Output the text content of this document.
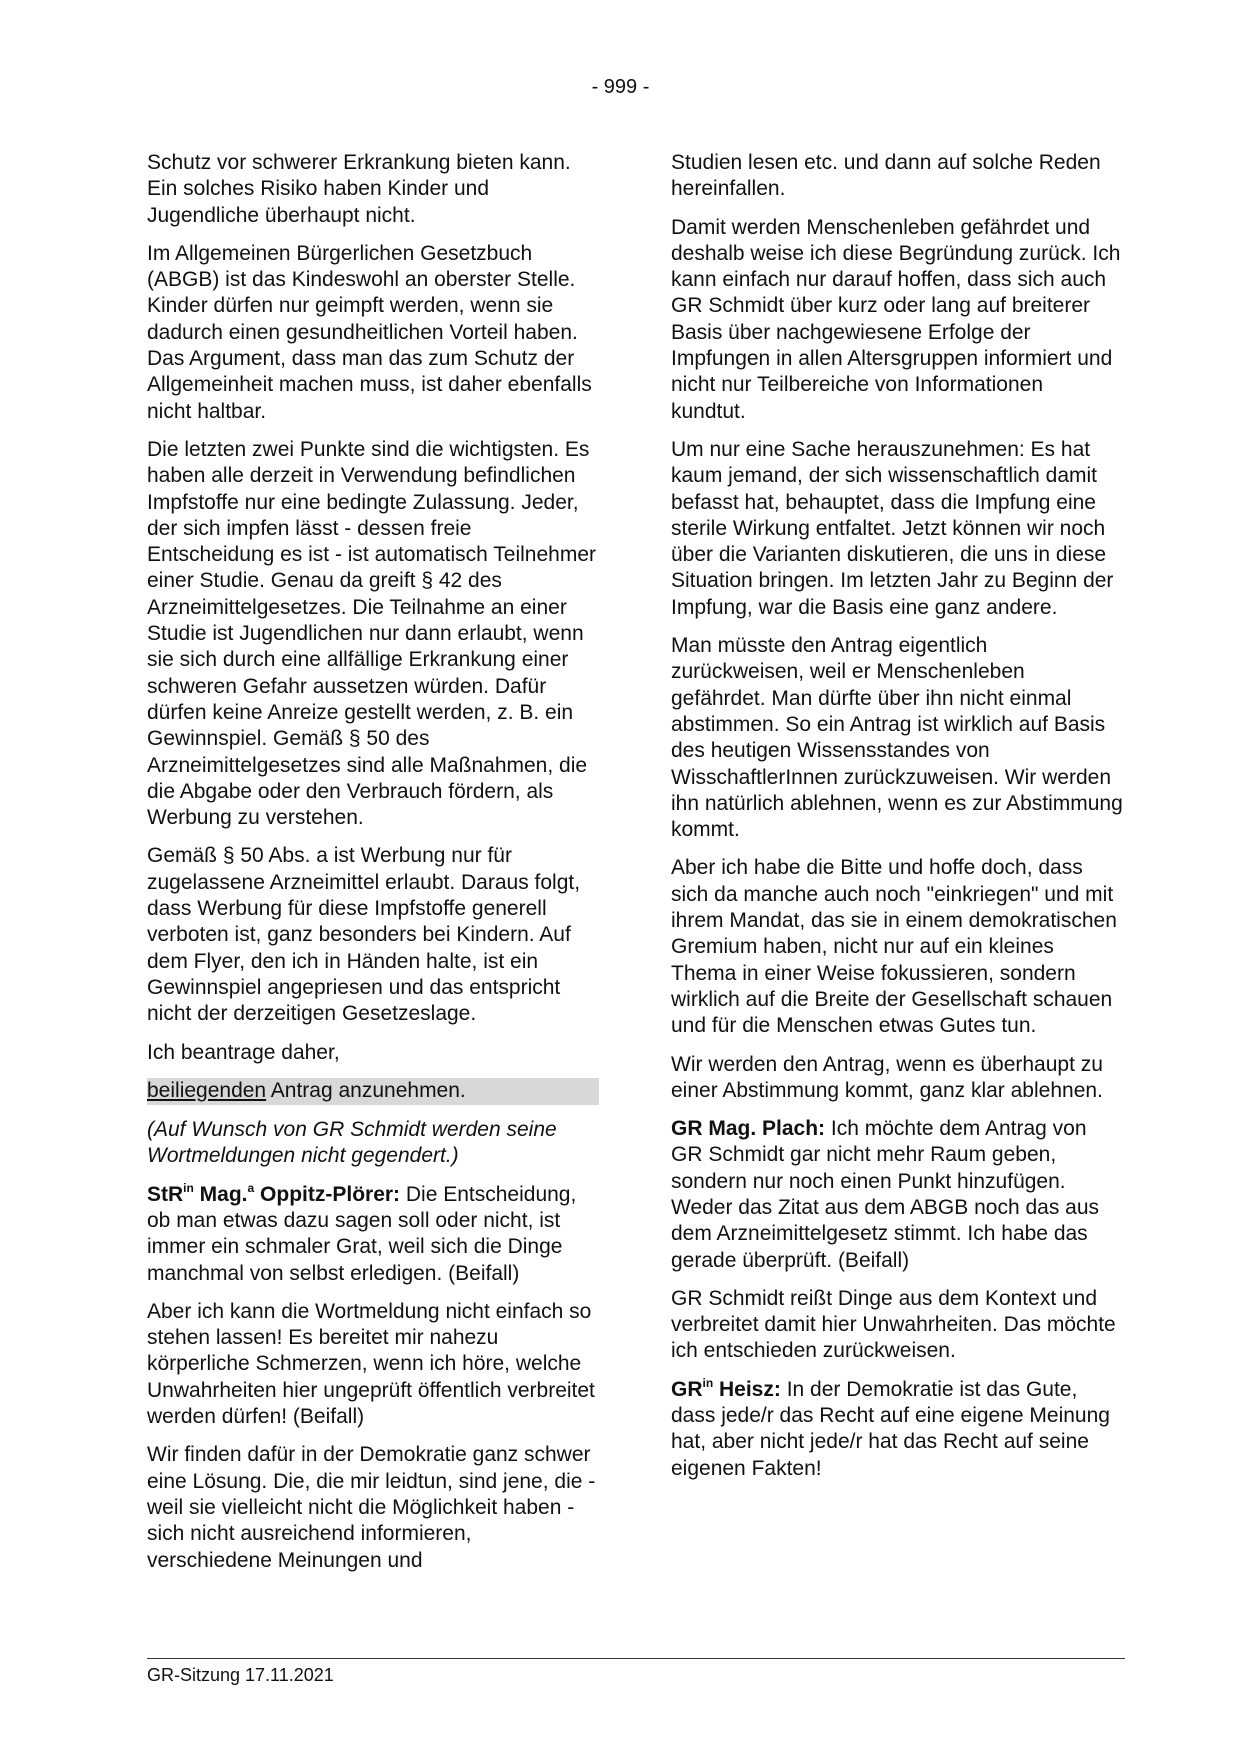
- 999 -

Schutz vor schwerer Erkrankung bieten kann. Ein solches Risiko haben Kinder und Jugendliche überhaupt nicht.

Im Allgemeinen Bürgerlichen Gesetzbuch (ABGB) ist das Kindeswohl an oberster Stelle. Kinder dürfen nur geimpft werden, wenn sie dadurch einen gesundheitlichen Vorteil haben. Das Argument, dass man das zum Schutz der Allgemeinheit machen muss, ist daher ebenfalls nicht haltbar.

Die letzten zwei Punkte sind die wichtigsten. Es haben alle derzeit in Verwendung befindlichen Impfstoffe nur eine bedingte Zulassung. Jeder, der sich impfen lässt - dessen freie Entscheidung es ist - ist automatisch Teilnehmer einer Studie. Genau da greift § 42 des Arzneimittelgesetzes. Die Teilnahme an einer Studie ist Jugendlichen nur dann erlaubt, wenn sie sich durch eine allfällige Erkrankung einer schweren Gefahr aussetzen würden. Dafür dürfen keine Anreize gestellt werden, z. B. ein Gewinnspiel. Gemäß § 50 des Arzneimittelgesetzes sind alle Maßnahmen, die die Abgabe oder den Verbrauch fördern, als Werbung zu verstehen.

Gemäß § 50 Abs. a ist Werbung nur für zugelassene Arzneimittel erlaubt. Daraus folgt, dass Werbung für diese Impfstoffe generell verboten ist, ganz besonders bei Kindern. Auf dem Flyer, den ich in Händen halte, ist ein Gewinnspiel angepriesen und das entspricht nicht der derzeitigen Gesetzeslage.

Ich beantrage daher,

beiliegenden Antrag anzunehmen.

(Auf Wunsch von GR Schmidt werden seine Wortmeldungen nicht gegendert.)

StR$^{in}$ Mag.$^a$ Oppitz-Plörer: Die Entscheidung, ob man etwas dazu sagen soll oder nicht, ist immer ein schmaler Grat, weil sich die Dinge manchmal von selbst erledigen. (Beifall)

Aber ich kann die Wortmeldung nicht einfach so stehen lassen! Es bereitet mir nahezu körperliche Schmerzen, wenn ich höre, welche Unwahrheiten hier ungeprüft öffentlich verbreitet werden dürfen! (Beifall)

Wir finden dafür in der Demokratie ganz schwer eine Lösung. Die, die mir leidtun, sind jene, die - weil sie vielleicht nicht die Möglichkeit haben - sich nicht ausreichend informieren, verschiedene Meinungen und

Studien lesen etc. und dann auf solche Reden hereinfallen.

Damit werden Menschenleben gefährdet und deshalb weise ich diese Begründung zurück. Ich kann einfach nur darauf hoffen, dass sich auch GR Schmidt über kurz oder lang auf breiterer Basis über nachgewiesene Erfolge der Impfungen in allen Altersgruppen informiert und nicht nur Teilbereiche von Informationen kundtut.

Um nur eine Sache herauszunehmen: Es hat kaum jemand, der sich wissenschaftlich damit befasst hat, behauptet, dass die Impfung eine sterile Wirkung entfaltet. Jetzt können wir noch über die Varianten diskutieren, die uns in diese Situation bringen. Im letzten Jahr zu Beginn der Impfung, war die Basis eine ganz andere.

Man müsste den Antrag eigentlich zurückweisen, weil er Menschenleben gefährdet. Man dürfte über ihn nicht einmal abstimmen. So ein Antrag ist wirklich auf Basis des heutigen Wissensstandes von WisschaftlerInnen zurückzuweisen. Wir werden ihn natürlich ablehnen, wenn es zur Abstimmung kommt.

Aber ich habe die Bitte und hoffe doch, dass sich da manche auch noch "einkriegen" und mit ihrem Mandat, das sie in einem demokratischen Gremium haben, nicht nur auf ein kleines Thema in einer Weise fokussieren, sondern wirklich auf die Breite der Gesellschaft schauen und für die Menschen etwas Gutes tun.

Wir werden den Antrag, wenn es überhaupt zu einer Abstimmung kommt, ganz klar ablehnen.

GR Mag. Plach: Ich möchte dem Antrag von GR Schmidt gar nicht mehr Raum geben, sondern nur noch einen Punkt hinzufügen. Weder das Zitat aus dem ABGB noch das aus dem Arzneimittelgesetz stimmt. Ich habe das gerade überprüft. (Beifall)

GR Schmidt reißt Dinge aus dem Kontext und verbreitet damit hier Unwahrheiten. Das möchte ich entschieden zurückweisen.

$GR^{in}$ Heisz: In der Demokratie ist das Gute, dass jede/r das Recht auf eine eigene Meinung hat, aber nicht jede/r hat das Recht auf seine eigenen Fakten!

GR-Sitzung 17.11.2021
